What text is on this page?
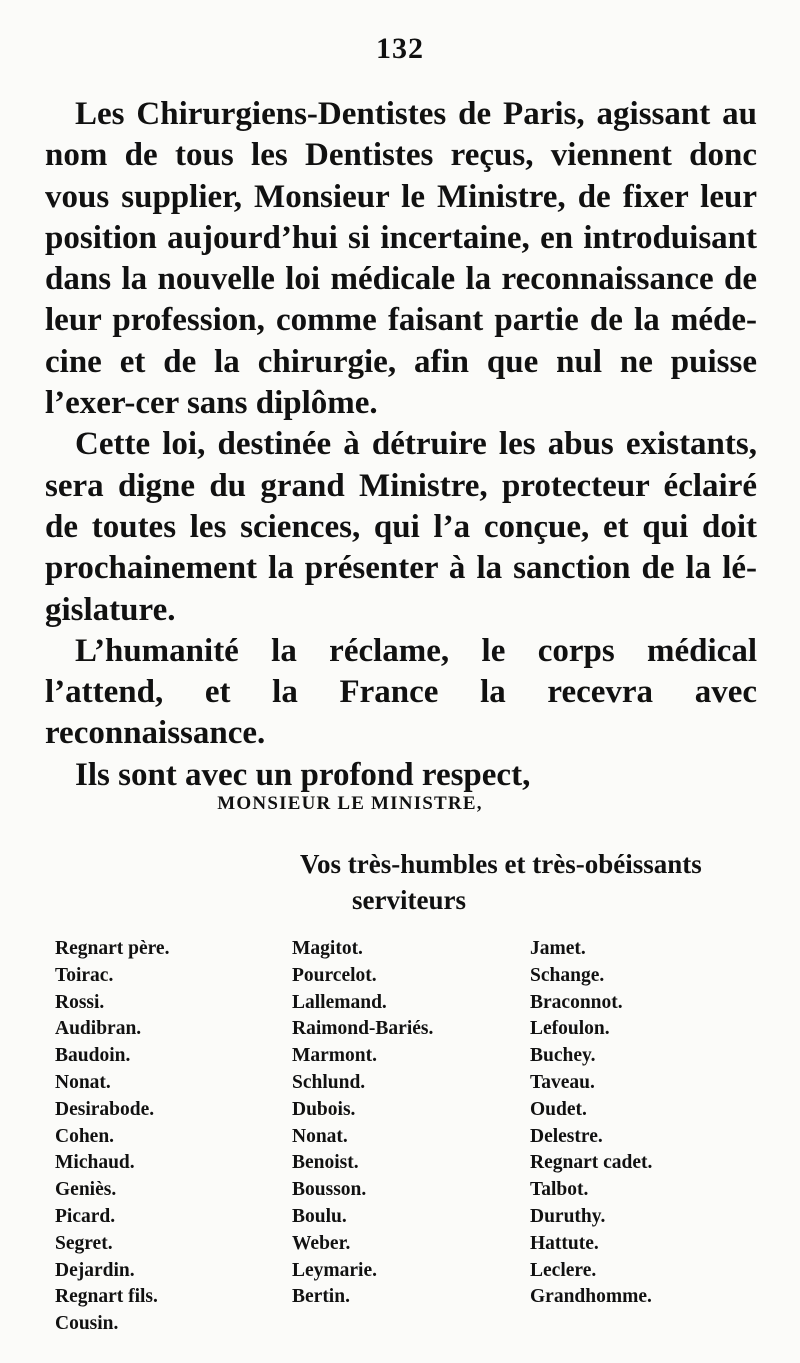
132

Les Chirurgiens-Dentistes de Paris, agissant au nom de tous les Dentistes reçus, viennent donc vous supplier, Monsieur le Ministre, de fixer leur position aujourd’hui si incertaine, en introduisant dans la nouvelle loi médicale la reconnaissance de leur profession, comme faisant partie de la méde-cine et de la chirurgie, afin que nul ne puisse l’exer-cer sans diplôme.

Cette loi, destinée à détruire les abus existants, sera digne du grand Ministre, protecteur éclairé de toutes les sciences, qui l’a conçue, et qui doit prochainement la présenter à la sanction de la lé-gislature.

L’humanité la réclame, le corps médical l’attend, et la France la recevra avec reconnaissance.

Ils sont avec un profond respect,

MONSIEUR LE MINISTRE,
Vos très-humbles et très-obéissants
serviteurs
Regnart père.
Toirac.
Rossi.
Audibran.
Baudoin.
Nonat.
Desirabode.
Cohen.
Michaud.
Geniès.
Picard.
Segret.
Dejardin.
Regnart fils.
Cousin.
Magitot.
Pourcelot.
Lallemand.
Raimond-Bariés.
Marmont.
Schlund.
Dubois.
Nonat.
Benoist.
Bousson.
Boulu.
Weber.
Leymarie.
Bertin.
Jamet.
Schange.
Braconnot.
Lefoulon.
Buchey.
Taveau.
Oudet.
Delestre.
Regnart cadet.
Talbot.
Duruthy.
Hattute.
Leclere.
Grandhomme.
